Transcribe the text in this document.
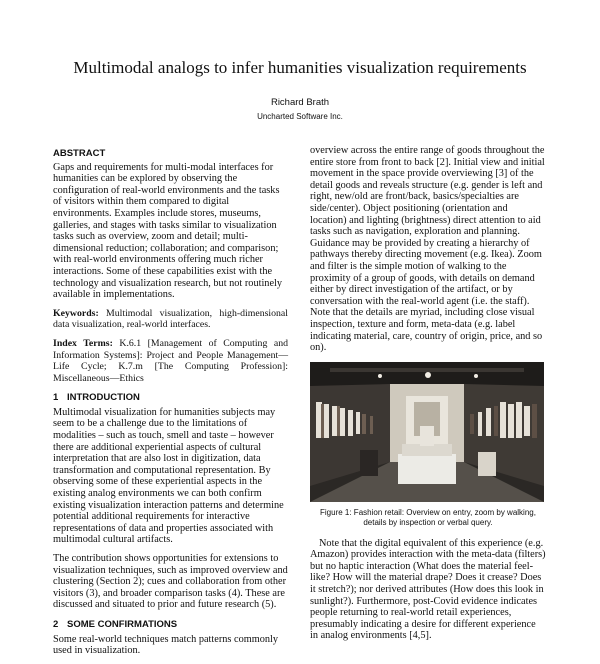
Multimodal analogs to infer humanities visualization requirements
Richard Brath
Uncharted Software Inc.
ABSTRACT

Gaps and requirements for multi-modal interfaces for humanities can be explored by observing the configuration of real-world environments and the tasks of visitors within them compared to digital environments. Examples include stores, museums, galleries, and stages with tasks similar to visualization tasks such as overview, zoom and detail; multi-dimensional reduction; collaboration; and comparison; with real-world environments offering much richer interactions. Some of these capabilities exist with the technology and visualization research, but not routinely available in implementations.

Keywords: Multimodal visualization, high-dimensional data visualization, real-world interfaces.

Index Terms: K.6.1 [Management of Computing and Information Systems]: Project and People Management—Life Cycle; K.7.m [The Computing Profession]: Miscellaneous—Ethics

1 INTRODUCTION

Multimodal visualization for humanities subjects may seem to be a challenge due to the limitations of modalities – such as touch, smell and taste – however there are additional experiential aspects of cultural interpretation that are also lost in digitization, data transformation and computational representation. By observing some of these experiential aspects in the existing analog environments we can both confirm existing visualization interaction patterns and determine potential additional requirements for interactive representations of data and properties associated with multimodal cultural artifacts.

The contribution shows opportunities for extensions to visualization techniques, such as improved overview and clustering (Section 2); cues and collaboration from other visitors (3), and broader comparison tasks (4). These are discussed and situated to prior and future research (5).

2 SOME CONFIRMATIONS

Some real-world techniques match patterns commonly used in visualization.

overview across the entire range of goods throughout the entire store from front to back [2]. Initial view and initial movement in the space provide overviewing [3] of the detail goods and reveals structure (e.g. gender is left and right, new/old are front/back, basics/specialties are side/center). Object positioning (orientation and location) and lighting (brightness) direct attention to aid tasks such as navigation, exploration and planning. Guidance may be provided by creating a hierarchy of pathways thereby directing movement (e.g. Ikea). Zoom and filter is the simple motion of walking to the proximity of a group of goods, with details on demand either by direct investigation of the artifact, or by conversation with the real-world agent (i.e. the staff). Note that the details are myriad, including close visual inspection, texture and form, meta-data (e.g. label indicating material, care, country of origin, price, and so on).

Figure 1: Fashion retail: Overview on entry, zoom by walking, details by inspection or verbal query.

Note that the digital equivalent of this experience (e.g. Amazon) provides interaction with the meta-data (filters) but no haptic interaction (What does the material feel-like? How will the material drape? Does it crease? Does it stretch?); nor derived attributes (How does this look in sunlight?). Furthermore, post-Covid evidence indicates people returning to real-world retail experiences, presumably indicating a desire for different experience in analog environments [4,5].
